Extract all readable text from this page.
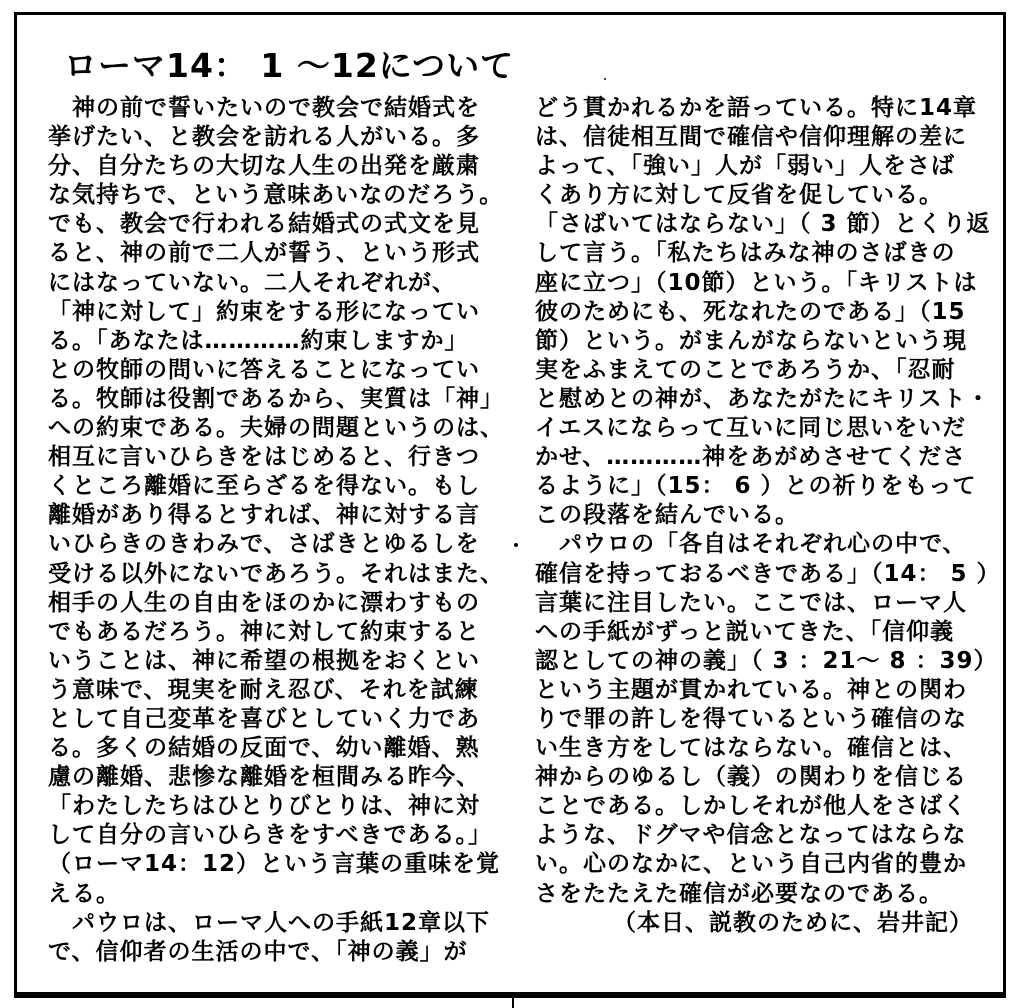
ローマ14： 1 〜12について
　神の前で誓いたいので教会で結婚式を
挙げたい、と教会を訪れる人がいる。多
分、自分たちの大切な人生の出発を厳粛
な気持ちで、という意味あいなのだろう。
でも、教会で行われる結婚式の式文を見
ると、神の前で二人が誓う、という形式
にはなっていない。二人それぞれが、
「神に対して」約束をする形になってい
る。「あなたは…………約束しますか」
との牧師の問いに答えることになってい
る。牧師は役割であるから、実質は「神」
への約束である。夫婦の問題というのは、
相互に言いひらきをはじめると、行きつ
くところ離婚に至らざるを得ない。もし
離婚があり得るとすれば、神に対する言
いひらきのきわみで、さばきとゆるしを
受ける以外にないであろう。それはまた、
相手の人生の自由をほのかに漂わすもの
でもあるだろう。神に対して約束すると
いうことは、神に希望の根拠をおくとい
う意味で、現実を耐え忍び、それを試練
として自己変革を喜びとしていく力であ
る。多くの結婚の反面で、幼い離婚、熟
慮の離婚、悲惨な離婚を桓間みる昨今、
「わたしたちはひとりびとりは、神に対
して自分の言いひらきをすべきである。」
（ローマ14：12）という言葉の重味を覚
える。
　パウロは、ローマ人への手紙12章以下
で、信仰者の生活の中で、「神の義」が
どう貫かれるかを語っている。特に14章
は、信徒相互間で確信や信仰理解の差に
よって、「強い」人が「弱い」人をさば
くあり方に対して反省を促している。
「さばいてはならない」（ 3 節）とくり返
して言う。「私たちはみな神のさばきの
座に立つ」（10節）という。「キリストは
彼のためにも、死なれたのである」（15
節）という。がまんがならないという現
実をふまえてのことであろうか、「忍耐
と慰めとの神が、あなたがたにキリスト・
イエスにならって互いに同じ思いをいだ
かせ、…………神をあがめさせてくださ
るように」（15： 6 ）との祈りをもって
この段落を結んでいる。
　パウロの「各自はそれぞれ心の中で、
確信を持っておるべきである」（14： 5 ）
言葉に注目したい。ここでは、ローマ人
への手紙がずっと説いてきた、「信仰義
認としての神の義」（ 3 ：21〜 8 ：39）
という主題が貫かれている。神との関わ
りで罪の許しを得ているという確信のな
い生き方をしてはならない。確信とは、
神からのゆるし（義）の関わりを信じる
ことである。しかしそれが他人をさばく
ような、ドグマや信念となってはならな
い。心のなかに、という自己内省的豊か
さをたたえた確信が必要なのである。
（本日、説教のために、岩井記）
